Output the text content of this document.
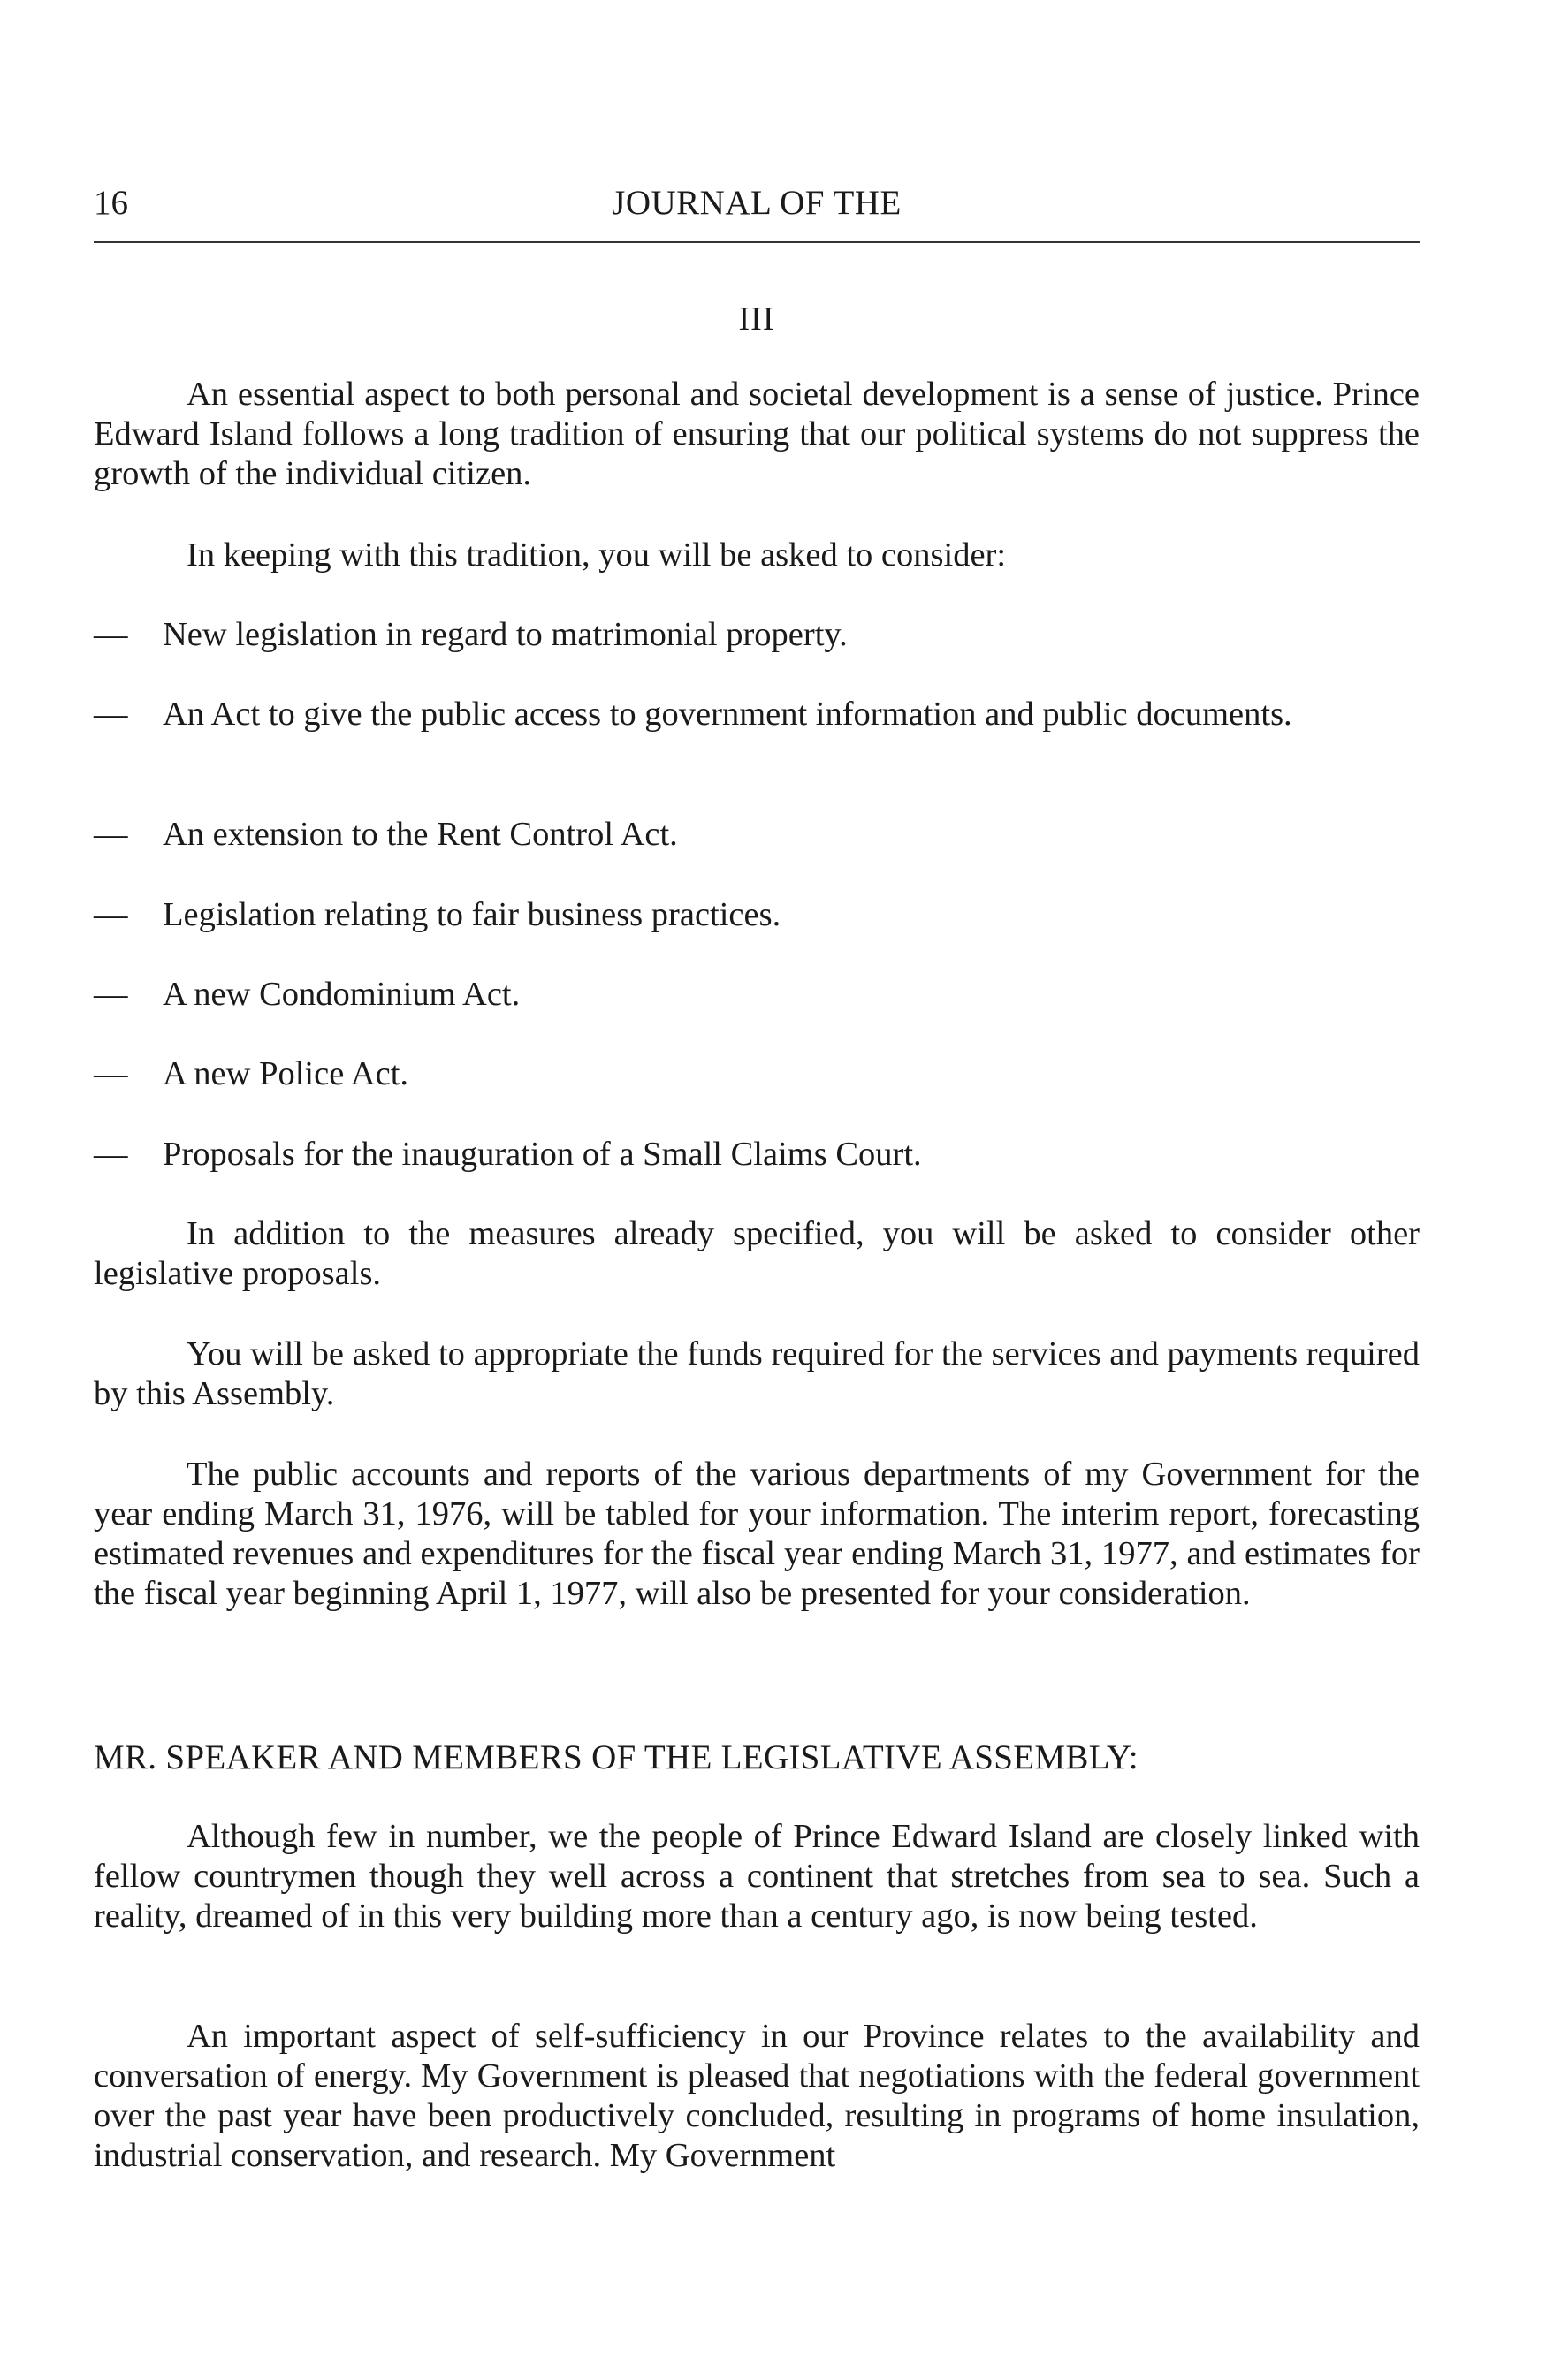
16	JOURNAL OF THE
III

An essential aspect to both personal and societal development is a sense of justice. Prince Edward Island follows a long tradition of ensuring that our political systems do not suppress the growth of the individual citizen.

In keeping with this tradition, you will be asked to consider:

— New legislation in regard to matrimonial property.
— An Act to give the public access to government information and public documents.
— An extension to the Rent Control Act.
— Legislation relating to fair business practices.
— A new Condominium Act.
— A new Police Act.
— Proposals for the inauguration of a Small Claims Court.

In addition to the measures already specified, you will be asked to consider other legislative proposals.

You will be asked to appropriate the funds required for the services and payments required by this Assembly.

The public accounts and reports of the various departments of my Government for the year ending March 31, 1976, will be tabled for your information. The interim report, forecasting estimated revenues and expenditures for the fiscal year ending March 31, 1977, and estimates for the fiscal year beginning April 1, 1977, will also be presented for your consideration.

MR. SPEAKER AND MEMBERS OF THE LEGISLATIVE ASSEMBLY:

Although few in number, we the people of Prince Edward Island are closely linked with fellow countrymen though they well across a continent that stretches from sea to sea. Such a reality, dreamed of in this very building more than a century ago, is now being tested.

An important aspect of self-sufficiency in our Province relates to the availability and conversation of energy. My Government is pleased that negotiations with the federal government over the past year have been productively concluded, resulting in programs of home insulation, industrial conservation, and research. My Government
